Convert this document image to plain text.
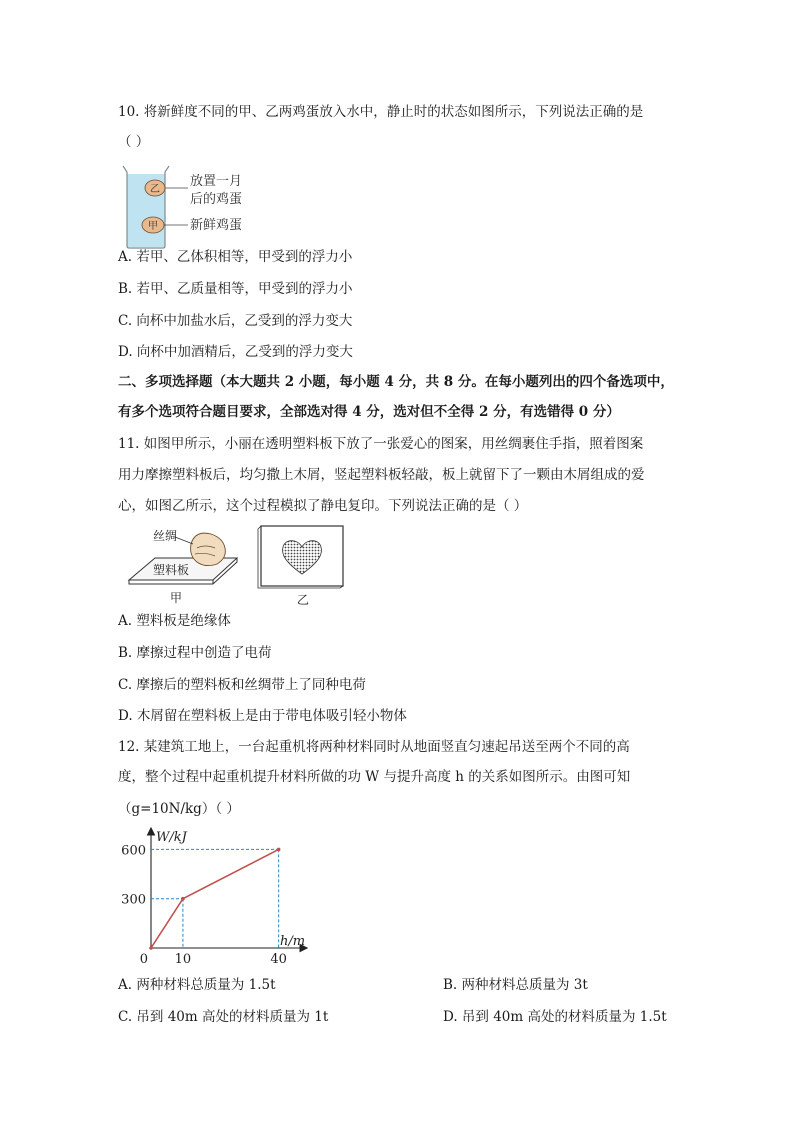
10. 将新鲜度不同的甲、乙两鸡蛋放入水中，静止时的状态如图所示，下列说法正确的是
（ ）
乙
甲
放置一月
后的鸡蛋
新鲜鸡蛋
A. 若甲、乙体积相等，甲受到的浮力小
B. 若甲、乙质量相等，甲受到的浮力小
C. 向杯中加盐水后，乙受到的浮力变大
D. 向杯中加酒精后，乙受到的浮力变大
二、多项选择题（本大题共 2 小题，每小题 4 分，共 8 分。在每小题列出的四个备选项中，
有多个选项符合题目要求，全部选对得 4 分，选对但不全得 2 分，有选错得 0 分）
11. 如图甲所示，小丽在透明塑料板下放了一张爱心的图案，用丝绸裹住手指，照着图案
用力摩擦塑料板后，均匀撒上木屑，竖起塑料板轻敲，板上就留下了一颗由木屑组成的爱
心，如图乙所示，这个过程模拟了静电复印。下列说法正确的是（ ）
丝绸
塑料板
甲	乙
A. 塑料板是绝缘体
B. 摩擦过程中创造了电荷
C. 摩擦后的塑料板和丝绸带上了同种电荷
D. 木屑留在塑料板上是由于带电体吸引轻小物体
12. 某建筑工地上，一台起重机将两种材料同时从地面竖直匀速起吊送至两个不同的高
度，整个过程中起重机提升材料所做的功 W 与提升高度 h 的关系如图所示。由图可知
（g=10N/kg）（ ）
W/kJ
h/m
0 10	40
300
600
A. 两种材料总质量为 1.5t	B. 两种材料总质量为 3t
C. 吊到 40m 高处的材料质量为 1t	D. 吊到 40m 高处的材料质量为 1.5t
